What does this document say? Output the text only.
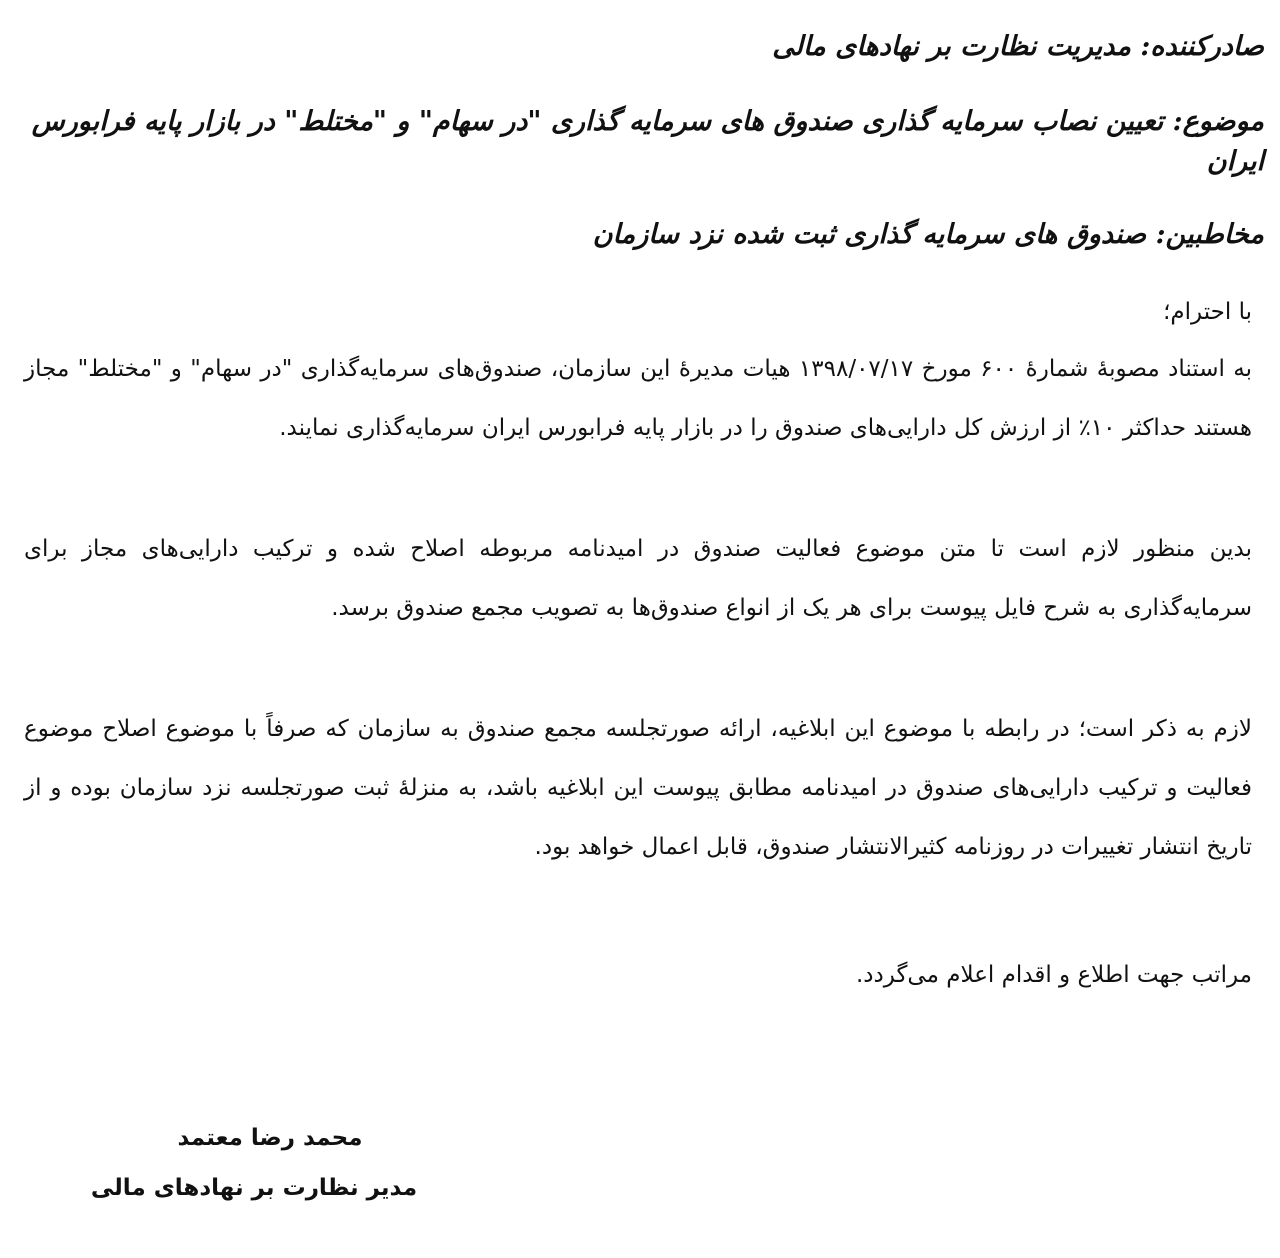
صادرکننده: مدیریت نظارت بر نهادهای مالی
موضوع: تعیین نصاب سرمایه گذاری صندوق های سرمایه گذاری "در سهام" و "مختلط" در بازار پایه فرابورس ایران
مخاطبین: صندوق های سرمایه گذاری ثبت شده نزد سازمان
با احترام؛
به استناد مصوبهٔ شمارهٔ ۶۰۰ مورخ ۱۳۹۸/۰۷/۱۷ هیات مدیرهٔ این سازمان، صندوق‌های سرمایه‌گذاری "در سهام" و "مختلط" مجاز هستند حداکثر ۱۰٪ از ارزش کل دارایی‌های صندوق را در بازار پایه فرابورس ایران سرمایه‌گذاری نمایند.
بدین منظور لازم است تا متن موضوع فعالیت صندوق در امیدنامه مربوطه اصلاح شده و ترکیب دارایی‌های مجاز برای سرمایه‌گذاری به شرح فایل پیوست برای هر یک از انواع صندوق‌ها به تصویب مجمع صندوق برسد.
لازم به ذکر است؛ در رابطه با موضوع این ابلاغیه، ارائه صورتجلسه مجمع صندوق به سازمان که صرفاً با موضوع اصلاح موضوع فعالیت و ترکیب دارایی‌های صندوق در امیدنامه مطابق پیوست این ابلاغیه باشد، به منزلهٔ ثبت صورتجلسه نزد سازمان بوده و از تاریخ انتشار تغییرات در روزنامه کثیرالانتشار صندوق، قابل اعمال خواهد بود.
مراتب جهت اطلاع و اقدام اعلام می‌گردد.
محمد رضا معتمد
مدیر نظارت بر نهادهای مالی
